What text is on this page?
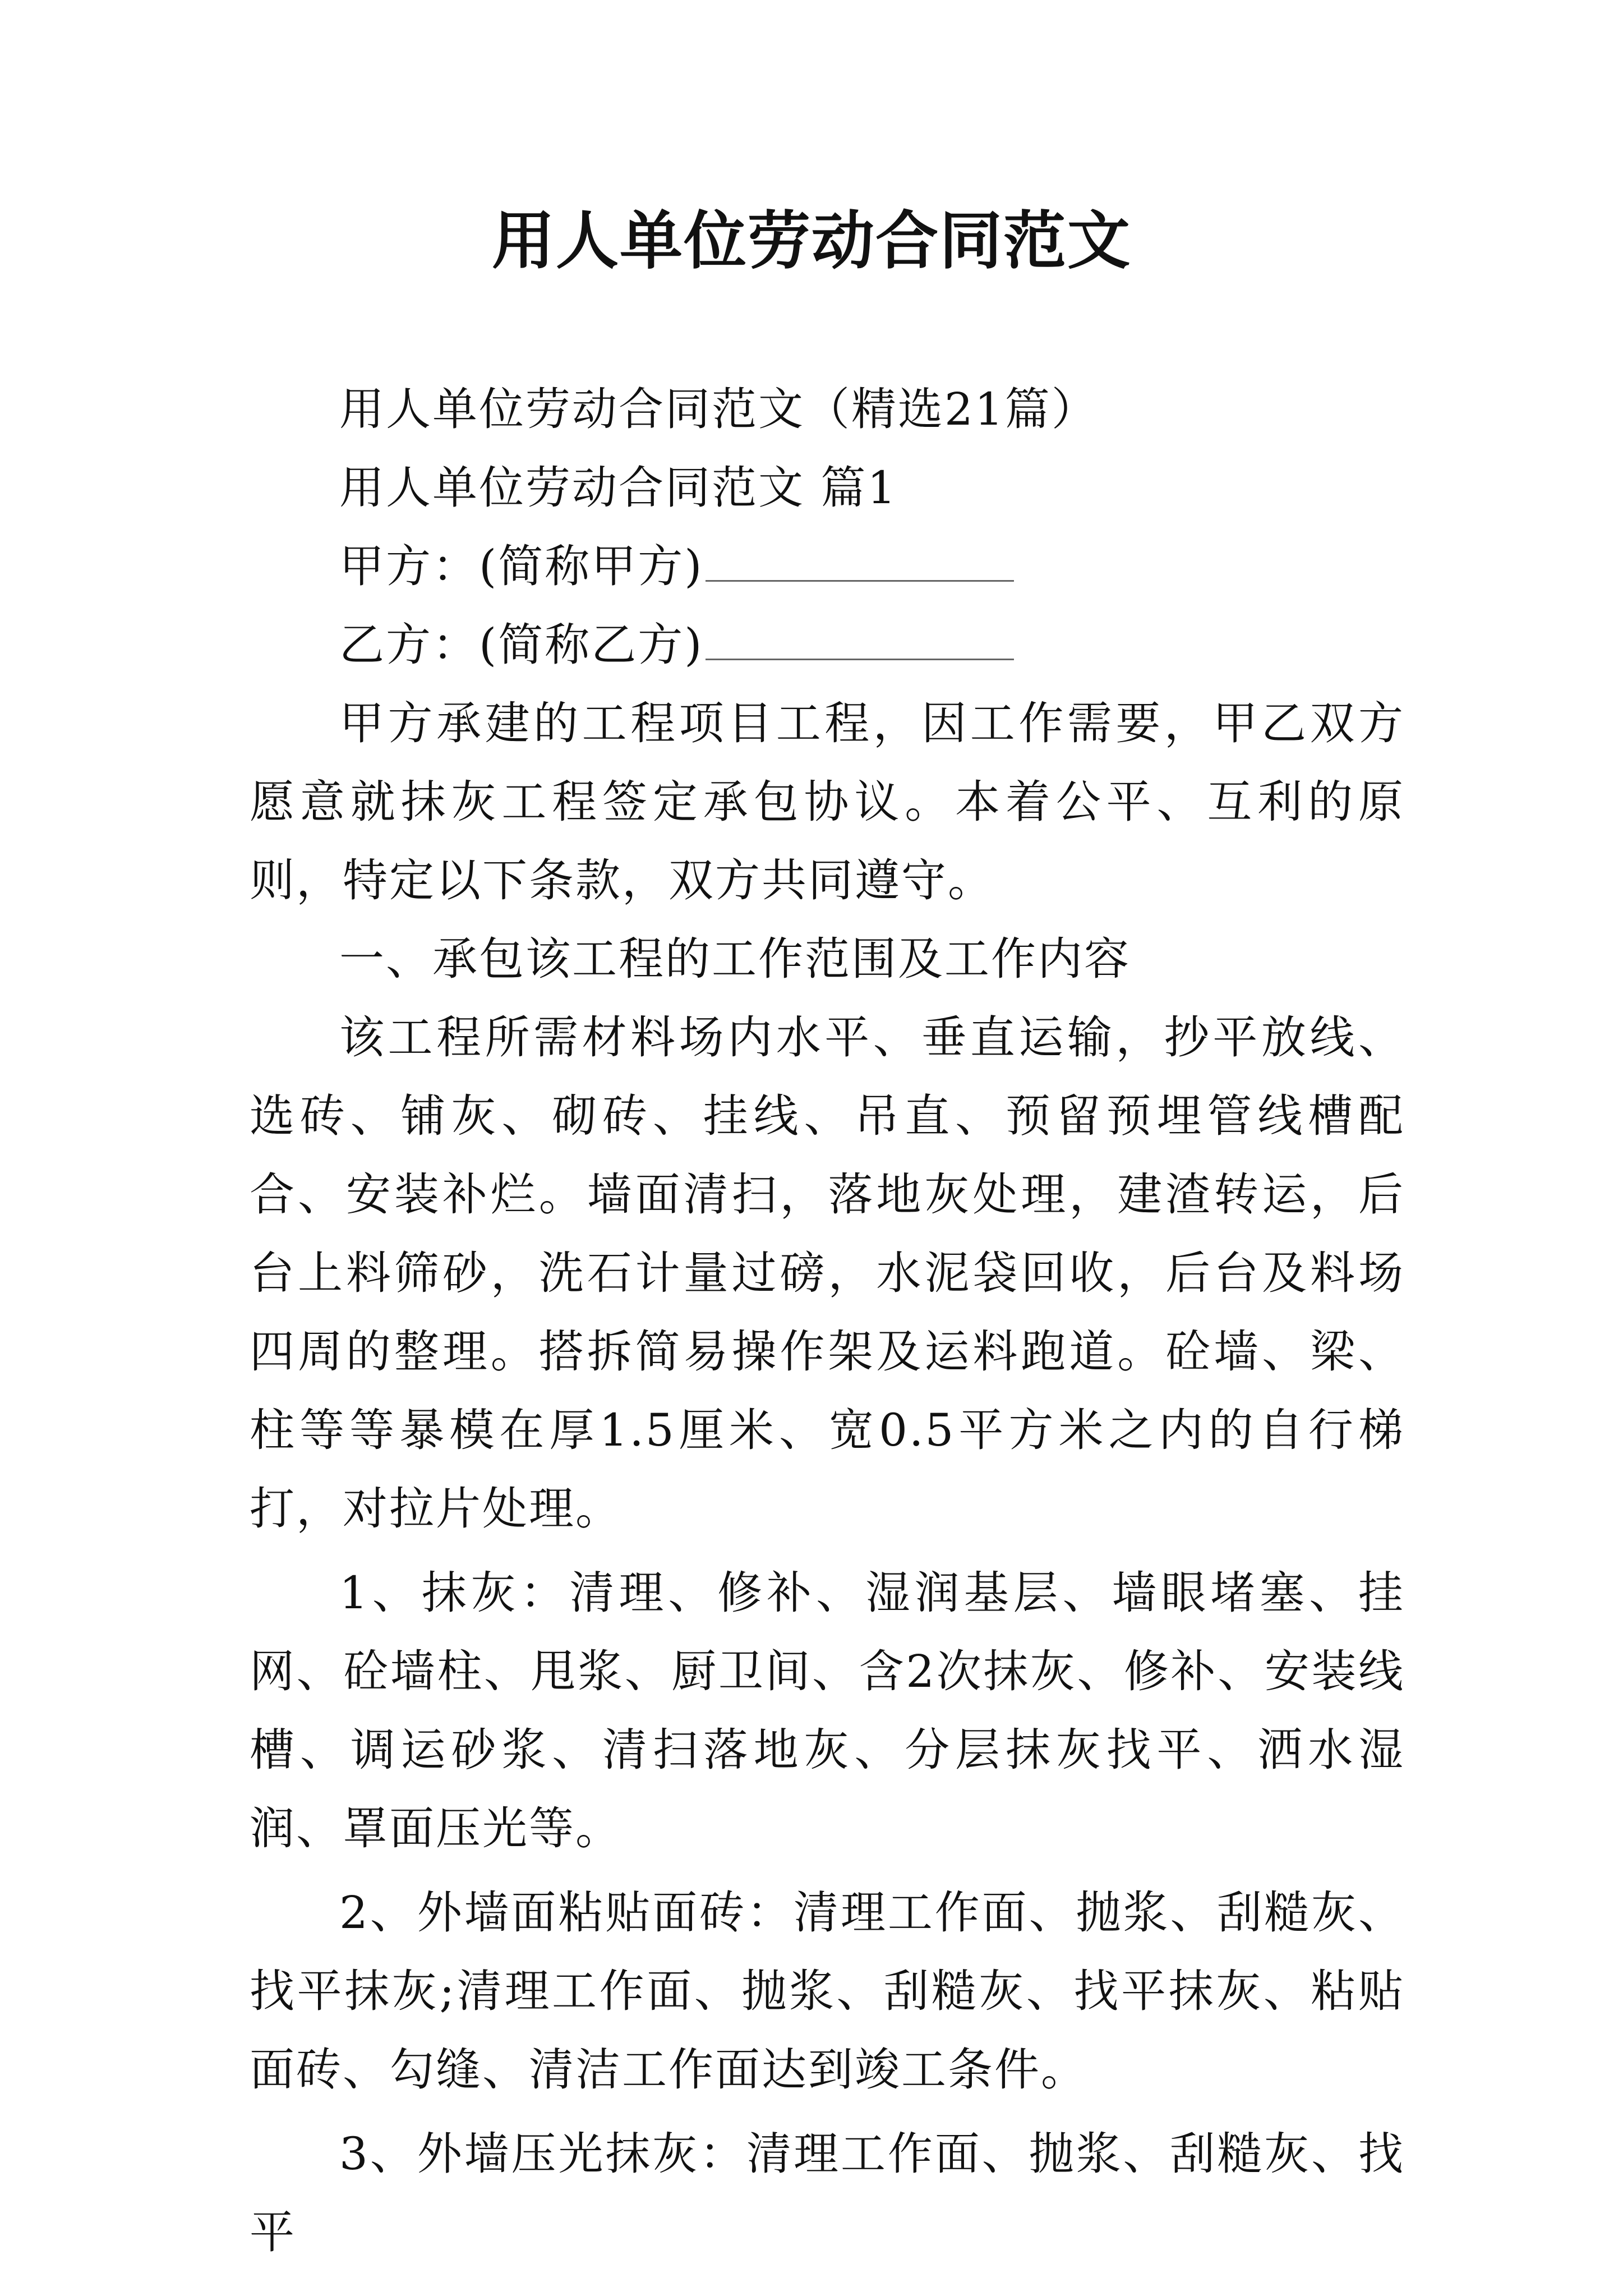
用人单位劳动合同范文

用人单位劳动合同范文（精选21篇）

用人单位劳动合同范文 篇1

甲方：(简称甲方)

乙方：(简称乙方)

甲方承建的工程项目工程，因工作需要，甲乙双方愿意就抹灰工程签定承包协议。本着公平、互利的原则，特定以下条款，双方共同遵守。

一、承包该工程的工作范围及工作内容

该工程所需材料场内水平、垂直运输，抄平放线、选砖、铺灰、砌砖、挂线、吊直、预留预埋管线槽配合、安装补烂。墙面清扫，落地灰处理，建渣转运，后台上料筛砂，洗石计量过磅，水泥袋回收，后台及料场四周的整理。搭拆简易操作架及运料跑道。砼墙、梁、柱等等暴模在厚1.5厘米、宽0.5平方米之内的自行梯打，对拉片处理。

1、抹灰：清理、修补、湿润基层、墙眼堵塞、挂网、砼墙柱、甩浆、厨卫间、含2次抹灰、修补、安装线槽、调运砂浆、清扫落地灰、分层抹灰找平、洒水湿润、罩面压光等。

2、外墙面粘贴面砖：清理工作面、抛浆、刮糙灰、找平抹灰;清理工作面、抛浆、刮糙灰、找平抹灰、粘贴面砖、勾缝、清洁工作面达到竣工条件。

3、外墙压光抹灰：清理工作面、抛浆、刮糙灰、找平
